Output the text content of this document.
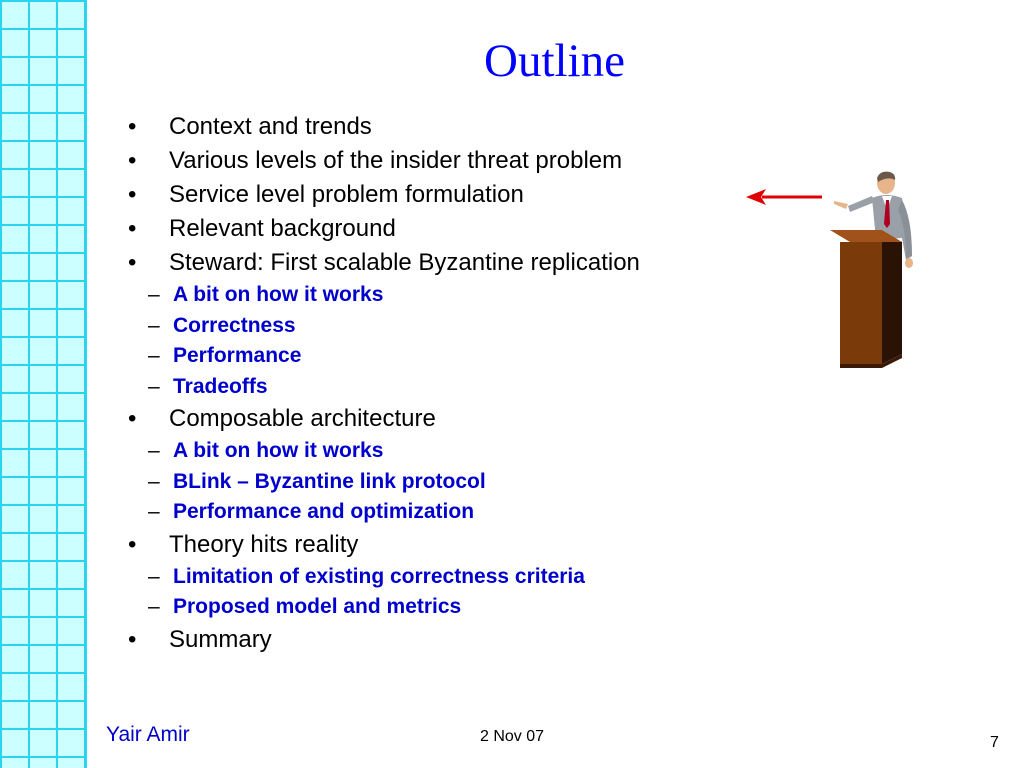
Outline
• Context and trends
• Various levels of the insider threat problem
• Service level problem formulation
• Relevant background
• Steward: First scalable Byzantine replication
– A bit on how it works
– Correctness
– Performance
– Tradeoffs
• Composable architecture
– A bit on how it works
– BLink – Byzantine link protocol
– Performance and optimization
• Theory hits reality
– Limitation of existing correctness criteria
– Proposed model and metrics
• Summary
Yair Amir	2 Nov 07	7
